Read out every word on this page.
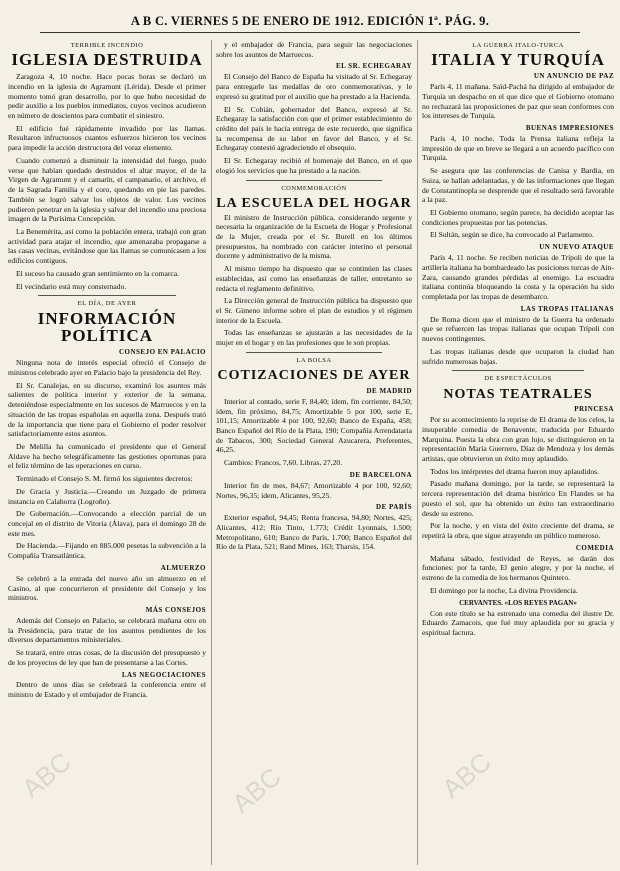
A B C. VIERNES 5 DE ENERO DE 1912. EDICIÓN 1ª. PÁG. 9.
TERRIBLE INCENDIO
IGLESIA DESTRUIDA

Zaragoza 4, 10 noche. Hace pocas horas se declaró un incendio en la iglesia de Agramunt (Lérida). Desde el primer momento tomó gran desarrollo, por lo que hubo necesidad de pedir auxilio a los pueblos inmediatos, cuyos vecinos acudieron en número de doscientos para combatir el siniestro.

El edificio fué rápidamente invadido por las llamas. Resultaron infructuosos cuantos esfuerzos hicieron los vecinos para impedir la acción destructora del voraz elemento.

Cuando comenzó a disminuir la intensidad del fuego, pudo verse que habían quedado destruidos el altar mayor, el de la Virgen de Agramunt y el camarín, el campanario, el archivo, el de la Sagrada Familia y el coro, quedando en pie las paredes. También se logró salvar los objetos de valor. Los vecinos pudieron penetrar en la iglesia y salvar del incendio una preciosa imagen de la Purísima Concepción.

La Benemérita, así como la población entera, trabajó con gran actividad para atajar el incendio, que amenazaba propagarse a las casas vecinas, evitándose que las llamas se comunicasen a los edificios contiguos.

El suceso ha causado gran sentimiento en la comarca.

El vecindario está muy consternado.

EL DÍA, DE AYER
INFORMACIÓN POLÍTICA
CONSEJO EN PALACIO

Ninguna nota de interés especial ofreció el Consejo de ministros celebrado ayer en Palacio bajo la presidencia del Rey.

El Sr. Canalejas, en su discurso, examinó los asuntos más salientes de política interior y exterior de la semana, deteniéndose especialmente en los sucesos de Marruecos y en la situación de las tropas españolas en aquella zona. Después trató de la importancia que tiene para el Gobierno el poder resolver satisfactoriamente estos asuntos.

De Melilla ha comunicado el presidente que el General Aldave ha hecho telegráficamente las gestiones oportunas para el feliz término de las operaciones en curso.

Terminado el Consejo S. M. firmó los siguientes decretos:

De Gracia y Justicia.—Creando un Juzgado de primera instancia en Calahorra (Logroño).

De Gobernación.—Convocando a elección parcial de un concejal en el distrito de Vitoria (Álava), para el domingo 28 de este mes.

De Hacienda.—Fijando en 885.000 pesetas la subvención a la Compañía Transatlántica.

ALMUERZO

Se celebró a la entrada del nuevo año un almuerzo en el Casino, al que concurrieron el presidente del Consejo y los ministros.

MÁS CONSEJOS

Además del Consejo en Palacio, se celebrará mañana otro en la Presidencia, para tratar de los asuntos pendientes de los diversos departamentos ministeriales.

Se tratará, entre otras cosas, de la discusión del presupuesto y de los proyectos de ley que han de presentarse a las Cortes.

LAS NEGOCIACIONES

Dentro de unos días se celebrará la conferencia entre el ministro de Estado y el embajador de Francia.

y el embajador de Francia, para seguir las negociaciones sobre los asuntos de Marruecos.

EL SR. ECHEGARAY

El Consejo del Banco de España ha visitado al Sr. Echegaray para entregarle las medallas de oro conmemorativas, y le expresó su gratitud por el auxilio que ha prestado a la Hacienda.

El Sr. Cobián, gobernador del Banco, expresó al Sr. Echegaray la satisfacción con que el primer establecimiento de crédito del país le hacía entrega de este recuerdo, que significa la recompensa de su labor en favor del Banco, y el Sr. Echegaray contestó agradeciendo el obsequio.

El Sr. Echegaray recibió el homenaje del Banco, en el que elogió los servicios que ha prestado a la nación.

CONMEMORACIÓN
LA ESCUELA DEL HOGAR

El ministro de Instrucción pública, considerando urgente y necesaria la organización de la Escuela de Hogar y Profesional de la Mujer, creada por el Sr. Burell en los últimos presupuestos, ha nombrado con carácter interino el personal docente y administrativo de la misma.

Al mismo tiempo ha dispuesto que se continúen las clases establecidas, así como las enseñanzas de taller, entretanto se redacta el reglamento definitivo.

La Dirección general de Instrucción pública ha dispuesto que el Sr. Gimeno informe sobre el plan de estudios y el régimen interior de la Escuela.

Todas las enseñanzas se ajustarán a las necesidades de la mujer en el hogar y en las profesiones que le son propias.

LA BOLSA
COTIZACIONES DE AYER
DE MADRID

Interior al contado, serie F, 84,40; ídem, fin corriente, 84,50; ídem, fin próximo, 84,75; Amortizable 5 por 100, serie E, 101,15; Amortizable 4 por 100, 92,60; Banco de España, 458; Banco Español del Río de la Plata, 190; Compañía Arrendataria de Tabacos, 300; Sociedad General Azucarera, Preferentes, 46,25.

Cambios: Francos, 7,60. Libras, 27,20.

DE BARCELONA

Interior fin de mes, 84,67; Amortizable 4 por 100, 92,60; Nortes, 96,35; ídem, Alicantes, 95,25.

DE PARÍS

Exterior español, 94,45; Renta francesa, 94,80; Nortes, 425; Alicantes, 412; Río Tinto, 1.773; Crédit Lyonnais, 1.500; Metropolitano, 610; Banco de París, 1.700; Banco Español del Río de la Plata, 521; Rand Mines, 163; Tharsis, 154.

LA GUERRA ITALO-TURCA
ITALIA Y TURQUÍA
UN ANUNCIO DE PAZ

París 4, 11 mañana. Saïd-Pachá ha dirigido al embajador de Turquía un despacho en el que dice que el Gobierno otomano no rechazará las proposiciones de paz que sean conformes con los intereses de Turquía.

BUENAS IMPRESIONES

París 4, 10 noche. Toda la Prensa italiana refleja la impresión de que en breve se llegará a un acuerdo pacífico con Turquía.

Se asegura que las conferencias de Canisa y Bardia, en Suiza, se hallan adelantadas, y de las informaciones que llegan de Constantinopla se desprende que el resultado será favorable a la paz.

El Gobierno otomano, según parece, ha decidido aceptar las condiciones propuestas por las potencias.

El Sultán, según se dice, ha convocado al Parlamento.

UN NUEVO ATAQUE

París 4, 11 noche. Se reciben noticias de Trípoli de que la artillería italiana ha bombardeado las posiciones turcas de Ain-Zara, causando grandes pérdidas al enemigo. La escuadra italiana continúa bloqueando la costa y la operación ha sido completada por las tropas de desembarco.

LAS TROPAS ITALIANAS

De Roma dicen que el ministro de la Guerra ha ordenado que se refuercen las tropas italianas que ocupan Trípoli con nuevos contingentes.

Las tropas italianas desde que ocuparon la ciudad han sufrido numerosas bajas.

DE ESPECTÁCULOS
NOTAS TEATRALES
PRINCESA

Por su acontecimiento la reprise de El drama de los celos, la insuperable comedia de Benavente, traducida por Eduardo Marquina. Puesta la obra con gran lujo, se distinguieron en la representación María Guerrero, Díaz de Mendoza y los demás artistas, que obtuvieron un éxito muy aplaudido.

Todos los intérpretes del drama fueron muy aplaudidos.

Pasado mañana domingo, por la tarde, se representará la tercera representación del drama histórico En Flandes se ha puesto el sol, que ha obtenido un éxito tan extraordinario desde su estreno.

Por la noche, y en vista del éxito creciente del drama, se repetirá la obra, que sigue atrayendo un público numeroso.

COMEDIA

Mañana sábado, festividad de Reyes, se darán dos funciones: por la tarde, El genio alegre, y por la noche, el estreno de la comedia de los hermanos Quintero.

El domingo por la noche, La divina Providencia.

CERVANTES. «LOS REYES PAGAN»

Con este título se ha estrenado una comedia del ilustre Dr. Eduardo Zamacois, que fué muy aplaudida por su gracia y espiritual factura.

ABC	ABC	ABC
